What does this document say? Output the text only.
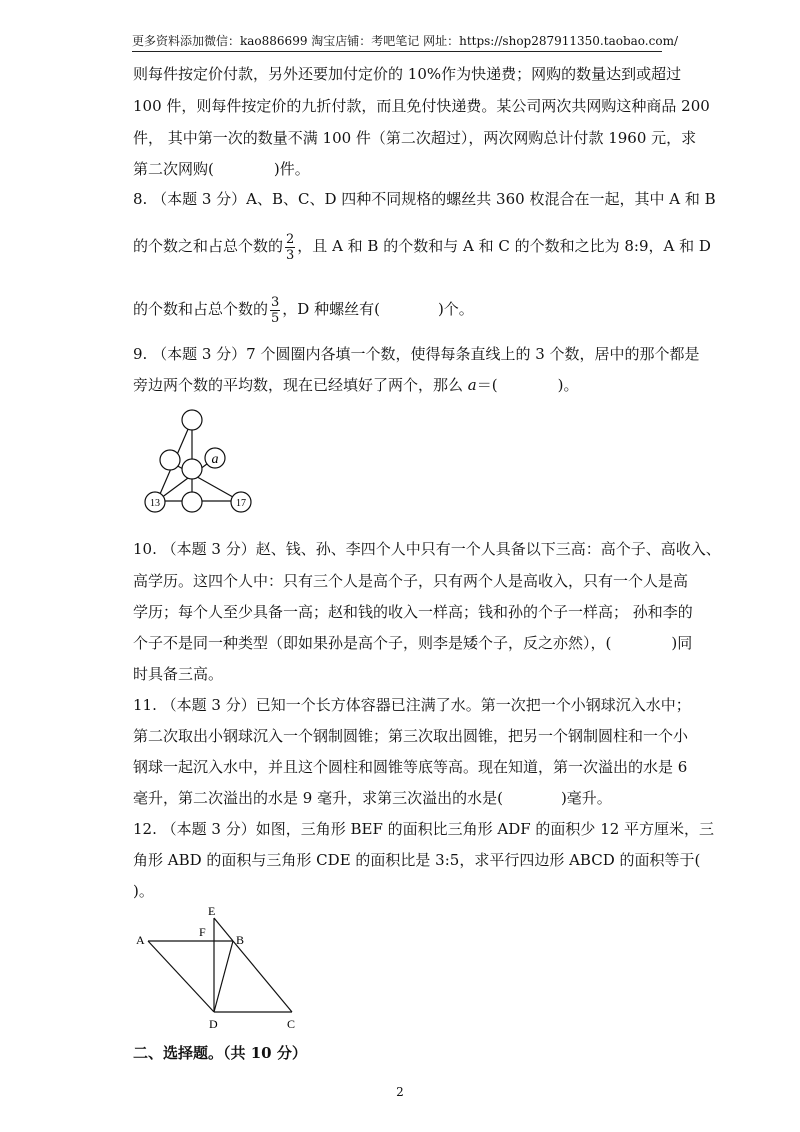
更多资料添加微信：kao886699 淘宝店铺：考吧笔记 网址：https://shop287911350.taobao.com/
则每件按定价付款，另外还要加付定价的 10%作为快递费；网购的数量达到或超过
100 件，则每件按定价的九折付款，而且免付快递费。某公司两次共网购这种商品 200
件， 其中第一次的数量不满 100 件（第二次超过），两次网购总计付款 1960 元，求
第二次网购(	)件。
8. （本题 3 分）A、B、C、D 四种不同规格的螺丝共 360 枚混合在一起，其中 A 和 B
的个数之和占总个数的 $\frac{2}{3}$ ，且 A 和 B 的个数和与 A 和 C 的个数和之比为 8:9，A 和 D
的个数和占总个数的 $\frac{3}{5}$ ，D 种螺丝有(	)个。
9. （本题 3 分）7 个圆圈内各填一个数，使得每条直线上的 3 个数，居中的那个都是
旁边两个数的平均数，现在已经填好了两个，那么 a＝(	)。
a
13	17
10. （本题 3 分）赵、钱、孙、李四个人中只有一个人具备以下三高：高个子、高收入、
高学历。这四个人中：只有三个人是高个子，只有两个人是高收入，只有一个人是高
学历；每个人至少具备一高；赵和钱的收入一样高；钱和孙的个子一样高； 孙和李的
个子不是同一种类型（即如果孙是高个子，则李是矮个子，反之亦然），(	)同
时具备三高。
11. （本题 3 分）已知一个长方体容器已注满了水。第一次把一个小钢球沉入水中；
第二次取出小钢球沉入一个钢制圆锥；第三次取出圆锥，把另一个钢制圆柱和一个小
钢球一起沉入水中，并且这个圆柱和圆锥等底等高。现在知道，第一次溢出的水是 6
毫升，第二次溢出的水是 9 毫升，求第三次溢出的水是(	)毫升。
12. （本题 3 分）如图，三角形 BEF 的面积比三角形 ADF 的面积少 12 平方厘米，三
角形 ABD 的面积与三角形 CDE 的面积比是 3:5，求平行四边形 ABCD 的面积等于(
)。
A	B
C
D
E
F
二、选择题。（共 10 分）
2
